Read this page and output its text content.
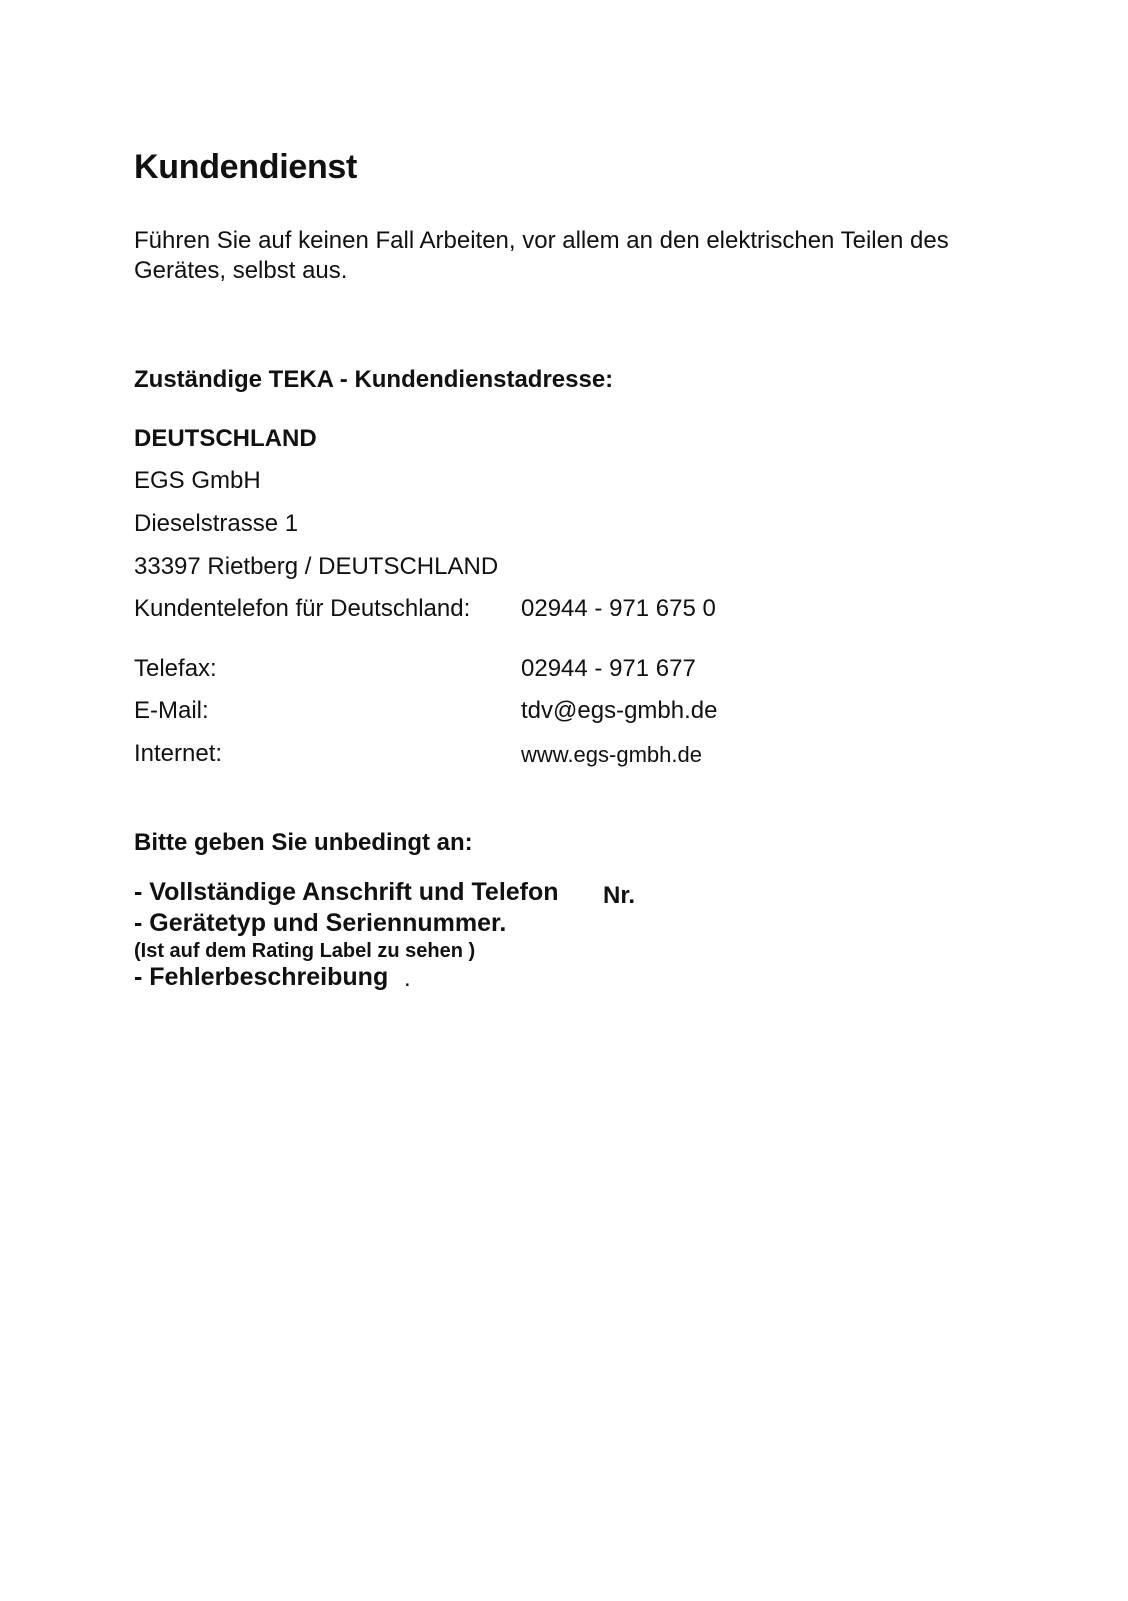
Kundendienst
Führen Sie auf keinen Fall Arbeiten, vor allem an den elektrischen Teilen des Gerätes, selbst aus.
Zuständige TEKA - Kundendienstadresse:
DEUTSCHLAND
EGS GmbH
Dieselstrasse 1
33397 Rietberg / DEUTSCHLAND
Kundentelefon für Deutschland: 02944 - 971 675 0
Telefax:	02944 - 971 677
E-Mail:	tdv@egs-gmbh.de
Internet:	www.egs-gmbh.de
Bitte geben Sie unbedingt an:
- Vollständige Anschrift und Telefon Nr.
- Gerätetyp und Seriennummer.
(Ist auf dem Rating Label zu sehen )
- Fehlerbeschreibung .
